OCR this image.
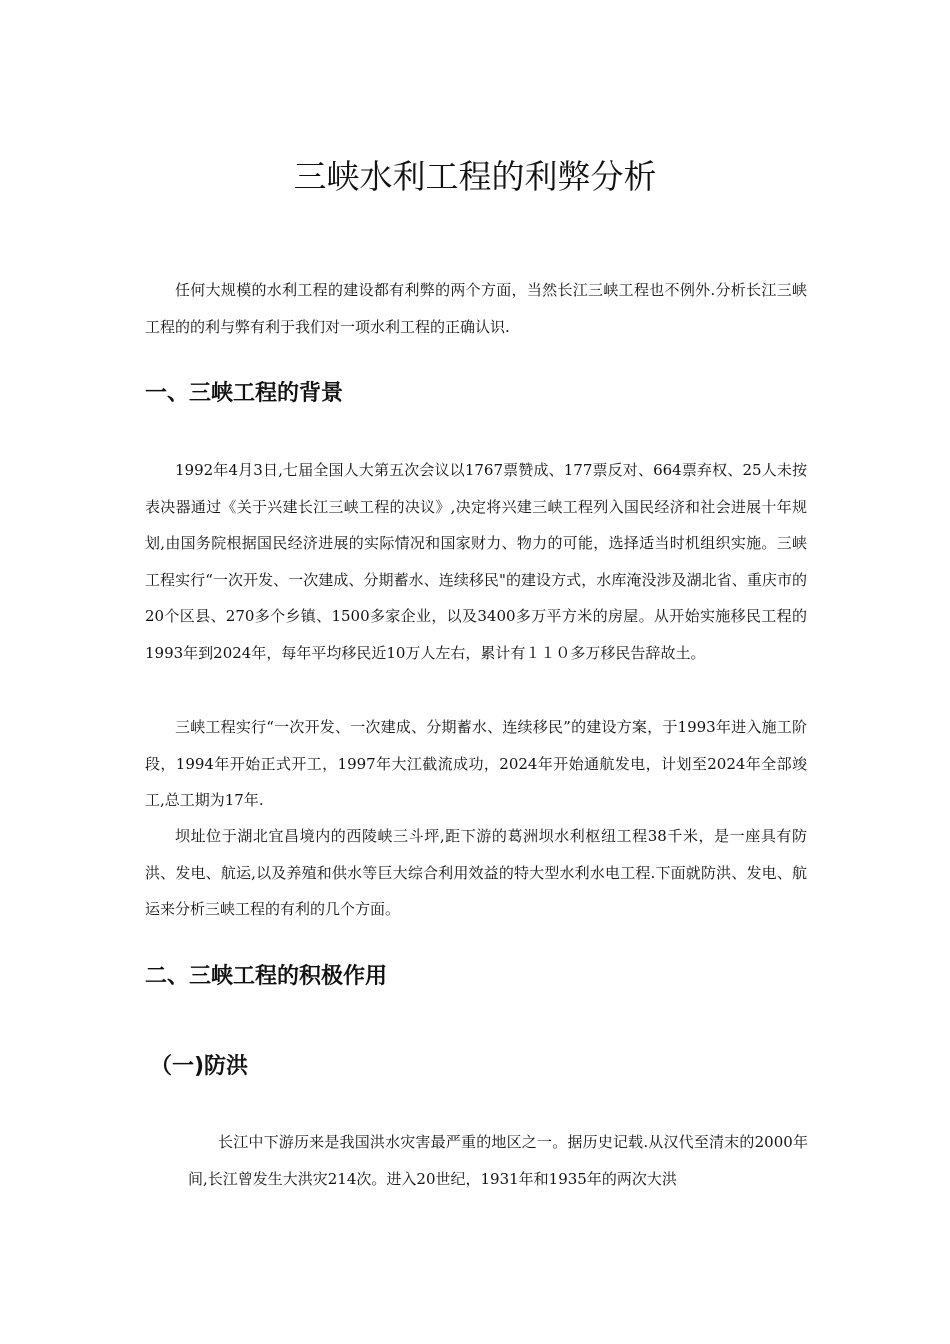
三峡水利工程的利弊分析

任何大规模的水利工程的建设都有利弊的两个方面，当然长江三峡工程也不例外.分析长江三峡工程的的利与弊有利于我们对一项水利工程的正确认识.

一、三峡工程的背景

1992年4月3日,七届全国人大第五次会议以1767票赞成、177票反对、664票弃权、25人未按表决器通过《关于兴建长江三峡工程的决议》,决定将兴建三峡工程列入国民经济和社会进展十年规划,由国务院根据国民经济进展的实际情况和国家财力、物力的可能，选择适当时机组织实施。三峡工程实行“一次开发、一次建成、分期蓄水、连续移民"的建设方式，水库淹没涉及湖北省、重庆市的20个区县、270多个乡镇、1500多家企业，以及3400多万平方米的房屋。从开始实施移民工程的1993年到2024年，每年平均移民近10万人左右，累计有１１０多万移民告辞故土。

三峡工程实行“一次开发、一次建成、分期蓄水、连续移民”的建设方案，于1993年进入施工阶段，1994年开始正式开工，1997年大江截流成功，2024年开始通航发电，计划至2024年全部竣工,总工期为17年.

坝址位于湖北宜昌境内的西陵峡三斗坪,距下游的葛洲坝水利枢纽工程38千米，是一座具有防洪、发电、航运,以及养殖和供水等巨大综合利用效益的特大型水利水电工程.下面就防洪、发电、航运来分析三峡工程的有利的几个方面。

二、三峡工程的积极作用
（一)防洪

长江中下游历来是我国洪水灾害最严重的地区之一。据历史记载.从汉代至清末的2000年间,长江曾发生大洪灾214次。进入20世纪，1931年和1935年的两次大洪
